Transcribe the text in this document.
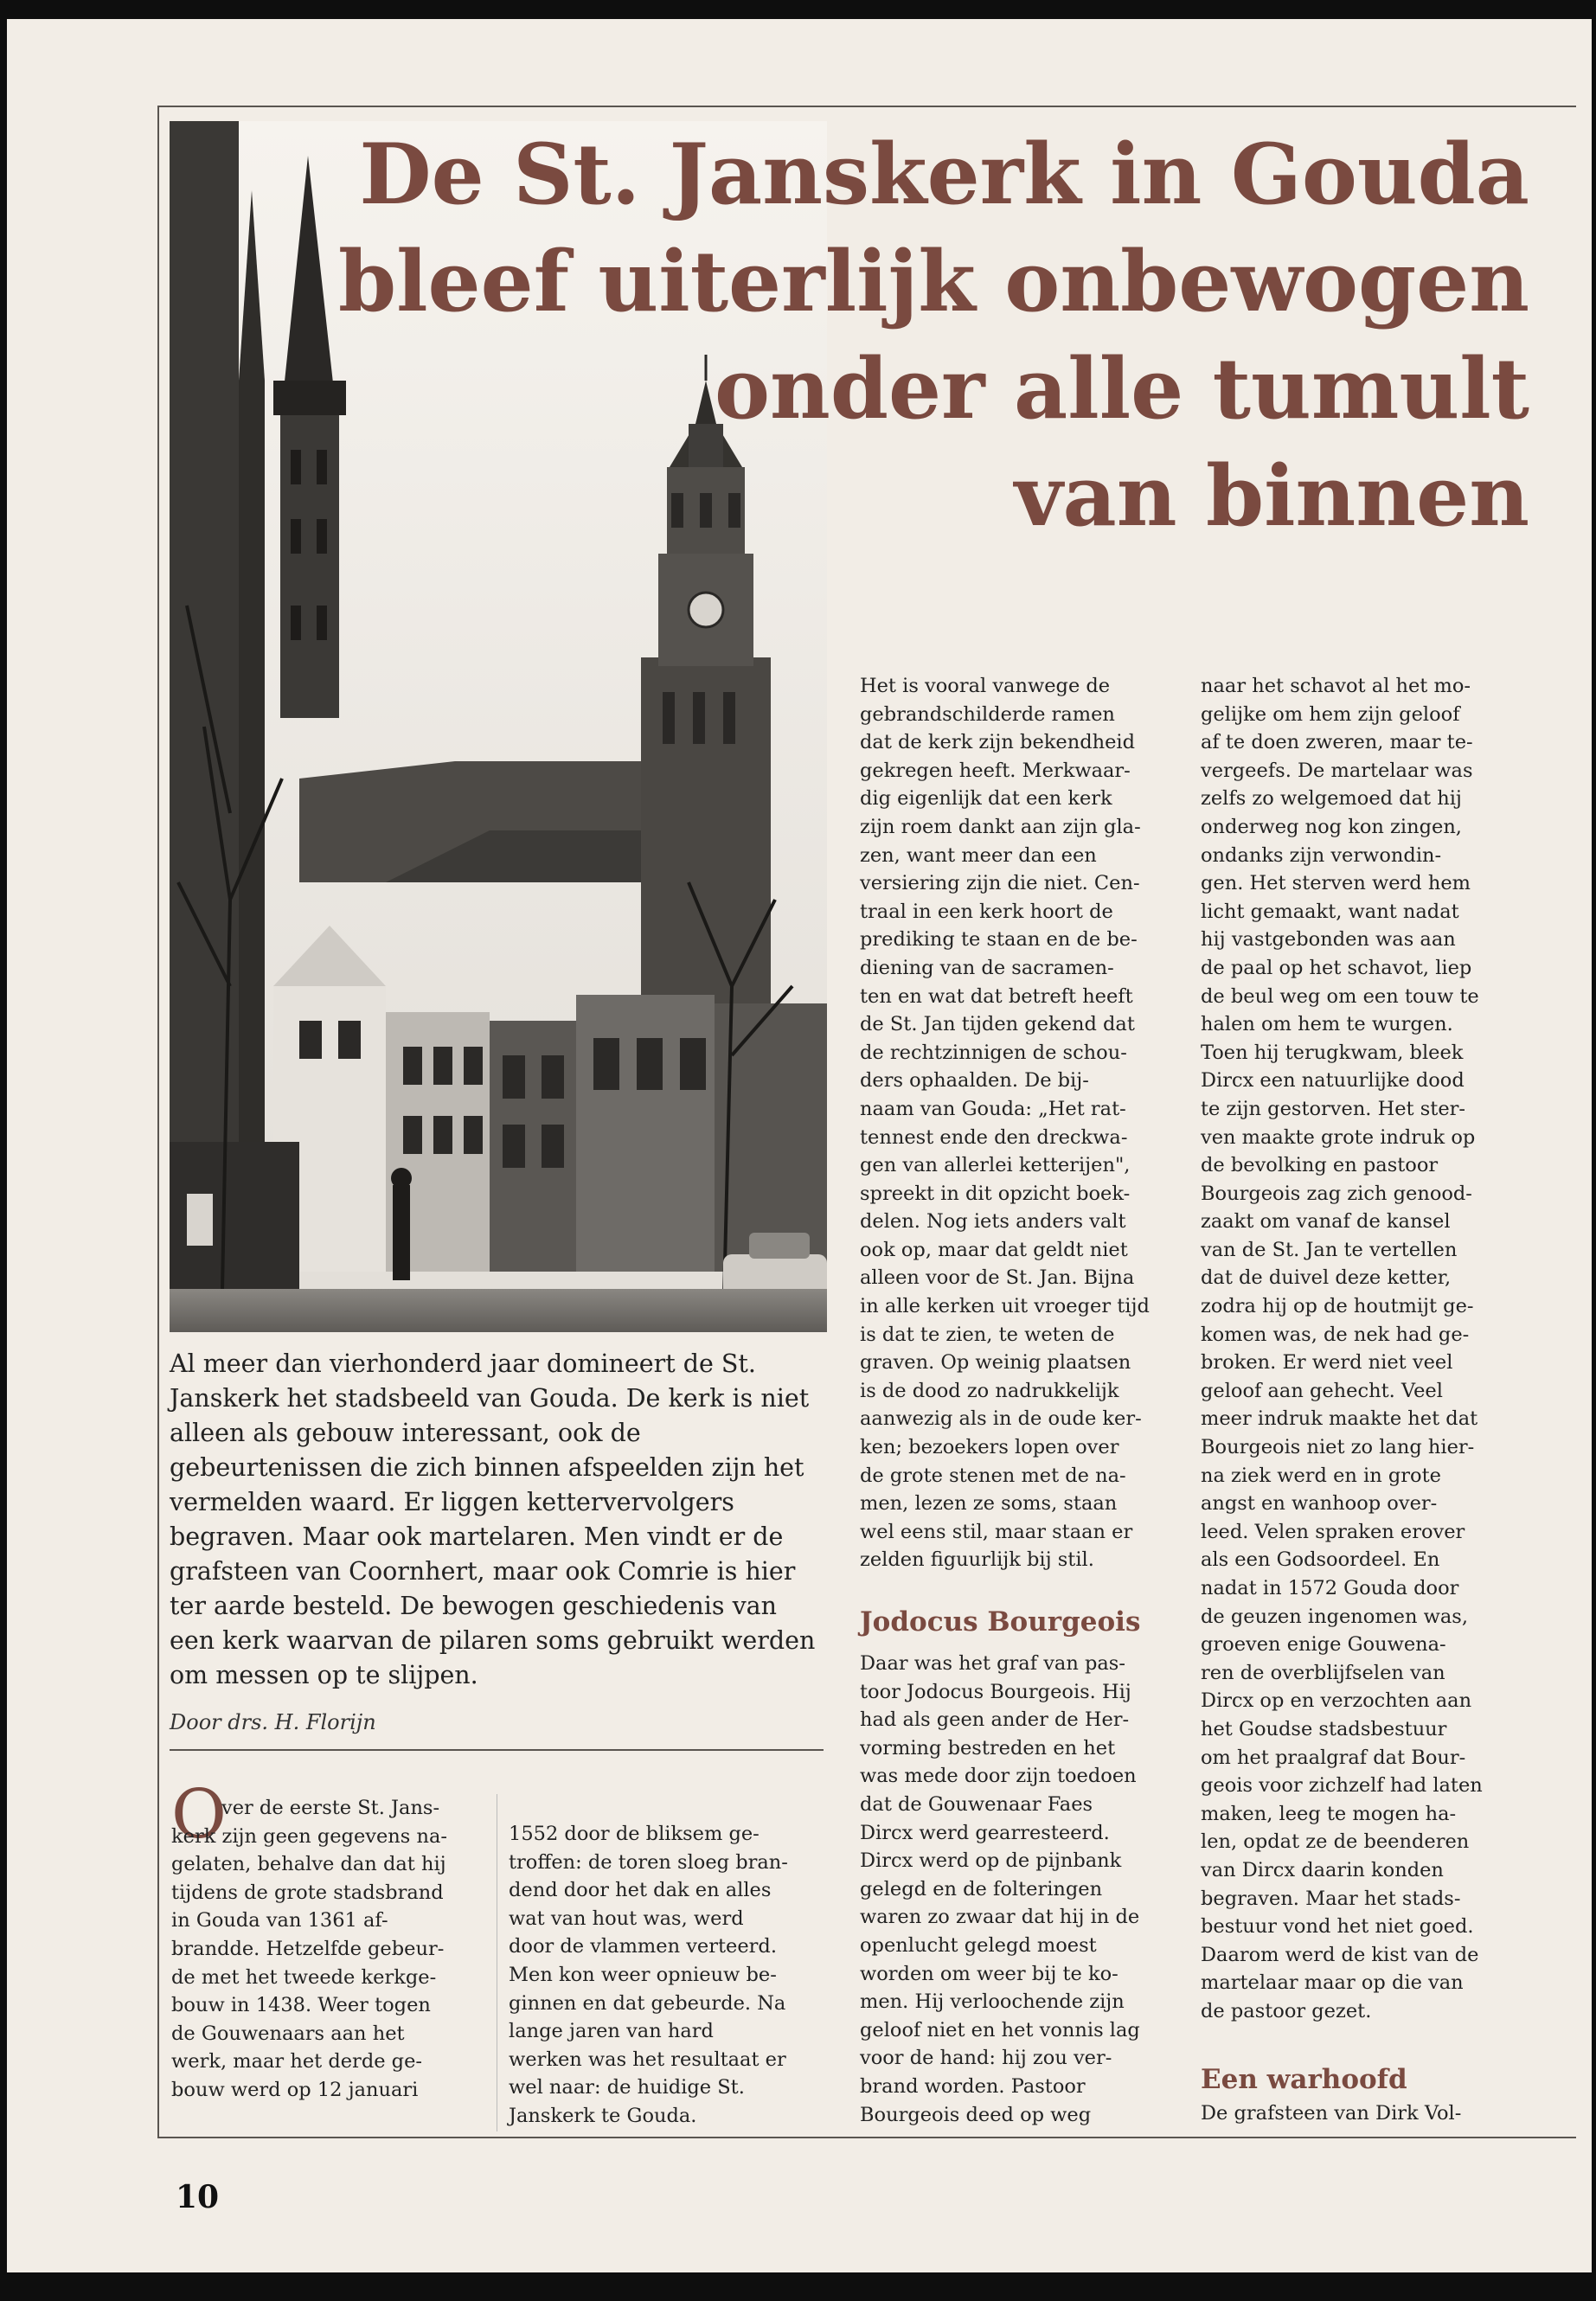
De St. Janskerk in Gouda
bleef uiterlijk onbewogen
onder alle tumult
van binnen

Al meer dan vierhonderd jaar domineert de St. Janskerk het stadsbeeld van Gouda. De kerk is niet alleen als gebouw interessant, ook de gebeurtenissen die zich binnen afspeelden zijn het vermelden waard. Er liggen kettervervolgers begraven. Maar ook martelaren. Men vindt er de grafsteen van Coornhert, maar ook Comrie is hier ter aarde besteld. De bewogen geschiedenis van een kerk waarvan de pilaren soms gebruikt werden om messen op te slijpen.

Door drs. H. Florijn
O
ver de eerste St. Jans-
kerk zijn geen gegevens na-
gelaten, behalve dan dat hij
tijdens de grote stadsbrand
in Gouda van 1361 af-
brandde. Hetzelfde gebeur-
de met het tweede kerkge-
bouw in 1438. Weer togen
de Gouwenaars aan het
werk, maar het derde ge-
bouw werd op 12 januari
1552 door de bliksem ge-
troffen: de toren sloeg bran-
dend door het dak en alles
wat van hout was, werd
door de vlammen verteerd.
Men kon weer opnieuw be-
ginnen en dat gebeurde. Na
lange jaren van hard
werken was het resultaat er
wel naar: de huidige St.
Janskerk te Gouda.
Het is vooral vanwege de
gebrandschilderde ramen
dat de kerk zijn bekendheid
gekregen heeft. Merkwaar-
dig eigenlijk dat een kerk
zijn roem dankt aan zijn gla-
zen, want meer dan een
versiering zijn die niet. Cen-
traal in een kerk hoort de
prediking te staan en de be-
diening van de sacramen-
ten en wat dat betreft heeft
de St. Jan tijden gekend dat
de rechtzinnigen de schou-
ders ophaalden. De bij-
naam van Gouda: „Het rat-
tennest ende den dreckwa-
gen van allerlei ketterijen",
spreekt in dit opzicht boek-
delen. Nog iets anders valt
ook op, maar dat geldt niet
alleen voor de St. Jan. Bijna
in alle kerken uit vroeger tijd
is dat te zien, te weten de
graven. Op weinig plaatsen
is de dood zo nadrukkelijk
aanwezig als in de oude ker-
ken; bezoekers lopen over
de grote stenen met de na-
men, lezen ze soms, staan
wel eens stil, maar staan er
zelden figuurlijk bij stil.
Jodocus Bourgeois
Daar was het graf van pas-
toor Jodocus Bourgeois. Hij
had als geen ander de Her-
vorming bestreden en het
was mede door zijn toedoen
dat de Gouwenaar Faes
Dircx werd gearresteerd.
Dircx werd op de pijnbank
gelegd en de folteringen
waren zo zwaar dat hij in de
openlucht gelegd moest
worden om weer bij te ko-
men. Hij verloochende zijn
geloof niet en het vonnis lag
voor de hand: hij zou ver-
brand worden. Pastoor
Bourgeois deed op weg
naar het schavot al het mo-
gelijke om hem zijn geloof
af te doen zweren, maar te-
vergeefs. De martelaar was
zelfs zo welgemoed dat hij
onderweg nog kon zingen,
ondanks zijn verwondin-
gen. Het sterven werd hem
licht gemaakt, want nadat
hij vastgebonden was aan
de paal op het schavot, liep
de beul weg om een touw te
halen om hem te wurgen.
Toen hij terugkwam, bleek
Dircx een natuurlijke dood
te zijn gestorven. Het ster-
ven maakte grote indruk op
de bevolking en pastoor
Bourgeois zag zich genood-
zaakt om vanaf de kansel
van de St. Jan te vertellen
dat de duivel deze ketter,
zodra hij op de houtmijt ge-
komen was, de nek had ge-
broken. Er werd niet veel
geloof aan gehecht. Veel
meer indruk maakte het dat
Bourgeois niet zo lang hier-
na ziek werd en in grote
angst en wanhoop over-
leed. Velen spraken erover
als een Godsoordeel. En
nadat in 1572 Gouda door
de geuzen ingenomen was,
groeven enige Gouwena-
ren de overblijfselen van
Dircx op en verzochten aan
het Goudse stadsbestuur
om het praalgraf dat Bour-
geois voor zichzelf had laten
maken, leeg te mogen ha-
len, opdat ze de beenderen
van Dircx daarin konden
begraven. Maar het stads-
bestuur vond het niet goed.
Daarom werd de kist van de
martelaar maar op die van
de pastoor gezet.
Een warhoofd
De grafsteen van Dirk Vol-
10
